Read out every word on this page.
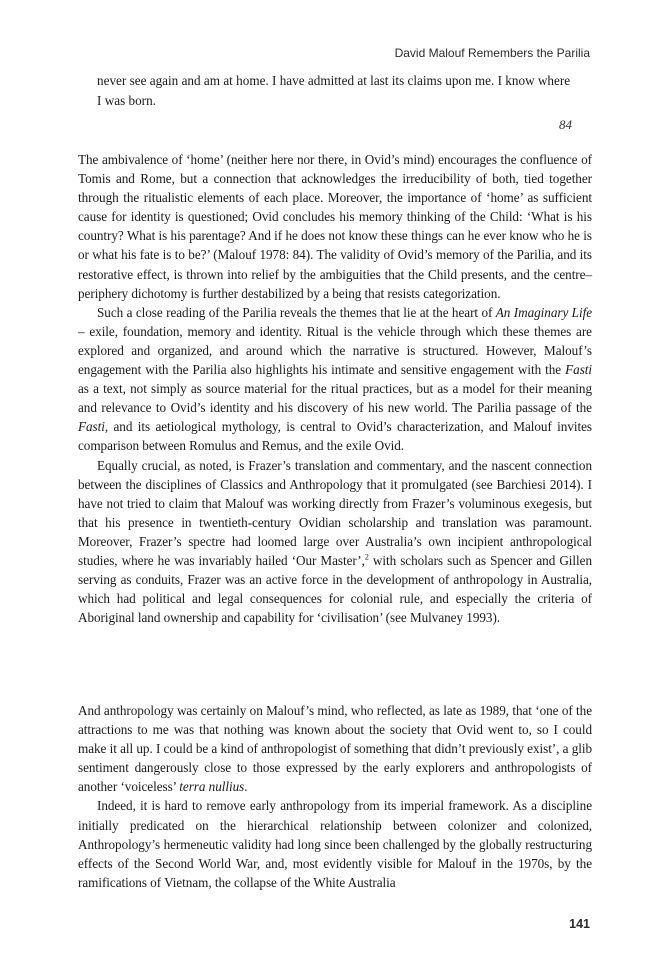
David Malouf Remembers the Parilia
never see again and am at home. I have admitted at last its claims upon me. I know where I was born.
84

The ambivalence of ‘home’ (neither here nor there, in Ovid’s mind) encourages the confluence of Tomis and Rome, but a connection that acknowledges the irreducibility of both, tied together through the ritualistic elements of each place. Moreover, the importance of ‘home’ as sufficient cause for identity is questioned; Ovid concludes his memory thinking of the Child: ‘What is his country? What is his parentage? And if he does not know these things can he ever know who he is or what his fate is to be?’ (Malouf 1978: 84). The validity of Ovid’s memory of the Parilia, and its restorative effect, is thrown into relief by the ambiguities that the Child presents, and the centre–periphery dichotomy is further destabilized by a being that resists categorization.

Such a close reading of the Parilia reveals the themes that lie at the heart of An Imaginary Life – exile, foundation, memory and identity. Ritual is the vehicle through which these themes are explored and organized, and around which the narrative is structured. However, Malouf’s engagement with the Parilia also highlights his intimate and sensitive engagement with the Fasti as a text, not simply as source material for the ritual practices, but as a model for their meaning and relevance to Ovid’s identity and his discovery of his new world. The Parilia passage of the Fasti, and its aetiological mythology, is central to Ovid’s characterization, and Malouf invites comparison between Romulus and Remus, and the exile Ovid.

Equally crucial, as noted, is Frazer’s translation and commentary, and the nascent connection between the disciplines of Classics and Anthropology that it promulgated (see Barchiesi 2014). I have not tried to claim that Malouf was working directly from Frazer’s voluminous exegesis, but that his presence in twentieth-century Ovidian scholarship and translation was paramount. Moreover, Frazer’s spectre had loomed large over Australia’s own incipient anthropological studies, where he was invariably hailed ‘Our Master’,$^2$ with scholars such as Spencer and Gillen serving as conduits, Frazer was an active force in the development of anthropology in Australia, which had political and legal consequences for colonial rule, and especially the criteria of Aboriginal land ownership and capability for ‘civilisation’ (see Mulvaney 1993).

And anthropology was certainly on Malouf’s mind, who reflected, as late as 1989, that ‘one of the attractions to me was that nothing was known about the society that Ovid went to, so I could make it all up. I could be a kind of anthropologist of something that didn’t previously exist’, a glib sentiment dangerously close to those expressed by the early explorers and anthropologists of another ‘voiceless’ terra nullius.

Indeed, it is hard to remove early anthropology from its imperial framework. As a discipline initially predicated on the hierarchical relationship between colonizer and colonized, Anthropology’s hermeneutic validity had long since been challenged by the globally restructuring effects of the Second World War, and, most evidently visible for Malouf in the 1970s, by the ramifications of Vietnam, the collapse of the White Australia

141
